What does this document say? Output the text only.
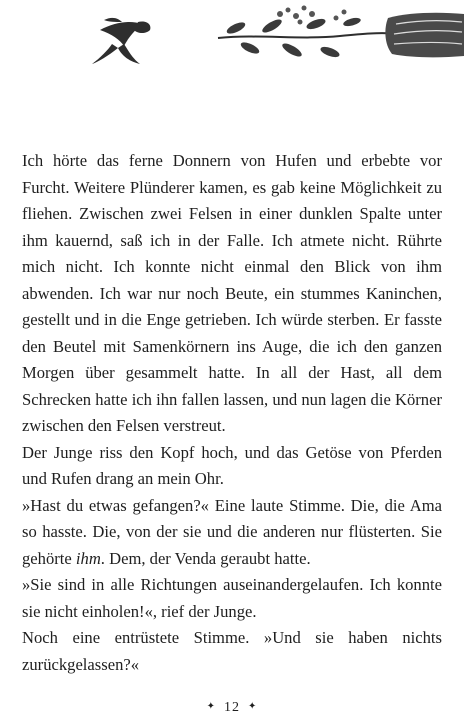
Ich hörte das ferne Donnern von Hufen und erbebte vor Furcht. Weitere Plünderer kamen, es gab keine Möglichkeit zu fliehen. Zwischen zwei Felsen in einer dunklen Spalte unter ihm kauernd, saß ich in der Falle. Ich atmete nicht. Rührte mich nicht. Ich konnte nicht einmal den Blick von ihm abwenden. Ich war nur noch Beute, ein stummes Kaninchen, gestellt und in die Enge getrieben. Ich würde sterben. Er fasste den Beutel mit Samenkörnern ins Auge, die ich den ganzen Morgen über gesammelt hatte. In all der Hast, all dem Schrecken hatte ich ihn fallen lassen, und nun lagen die Körner zwischen den Felsen verstreut.

Der Junge riss den Kopf hoch, und das Getöse von Pferden und Rufen drang an mein Ohr.

»Hast du etwas gefangen?« Eine laute Stimme. Die, die Ama so hasste. Die, von der sie und die anderen nur flüsterten. Sie gehörte ihm. Dem, der Venda geraubt hatte.

»Sie sind in alle Richtungen auseinandergelaufen. Ich konnte sie nicht einholen!«, rief der Junge.

Noch eine entrüstete Stimme. »Und sie haben nichts zurückgelassen?«

✦ 12 ✦
